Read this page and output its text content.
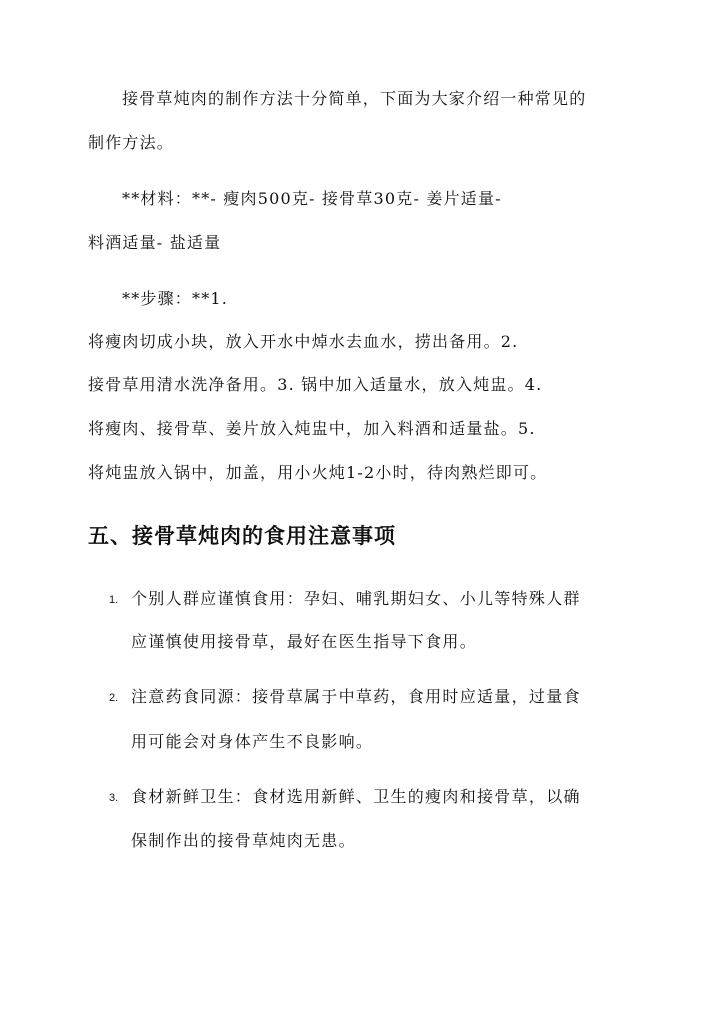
接骨草炖肉的制作方法十分简单，下面为大家介绍一种常见的
制作方法。
**材料：**- 瘦肉500克- 接骨草30克- 姜片适量-
料酒适量- 盐适量
**步骤：**1.
将瘦肉切成小块，放入开水中焯水去血水，捞出备用。2.
接骨草用清水洗净备用。3. 锅中加入适量水，放入炖盅。4.
将瘦肉、接骨草、姜片放入炖盅中，加入料酒和适量盐。5.
将炖盅放入锅中，加盖，用小火炖1-2小时，待肉熟烂即可。
五、接骨草炖肉的食用注意事项
1. 个别人群应谨慎食用：孕妇、哺乳期妇女、小儿等特殊人群
应谨慎使用接骨草，最好在医生指导下食用。
2. 注意药食同源：接骨草属于中草药，食用时应适量，过量食
用可能会对身体产生不良影响。
3. 食材新鲜卫生：食材选用新鲜、卫生的瘦肉和接骨草，以确
保制作出的接骨草炖肉无患。
